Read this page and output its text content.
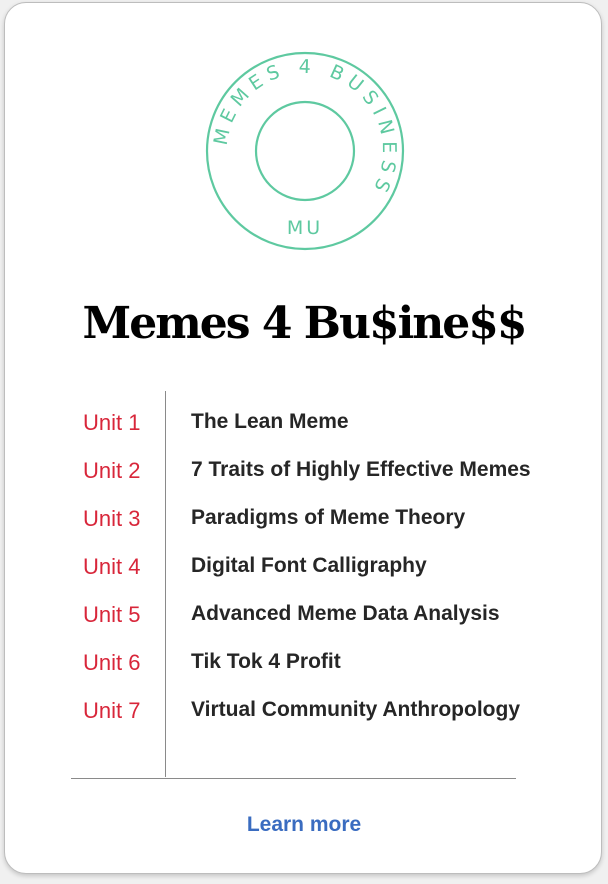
MEMES 4 BUSINESS
MU
Memes 4 Bu$ine$$
Unit 1 The Lean Meme
Unit 2 7 Traits of Highly Effective Memes
Unit 3 Paradigms of Meme Theory
Unit 4 Digital Font Calligraphy
Unit 5 Advanced Meme Data Analysis
Unit 6 Tik Tok 4 Profit
Unit 7 Virtual Community Anthropology
Learn more
